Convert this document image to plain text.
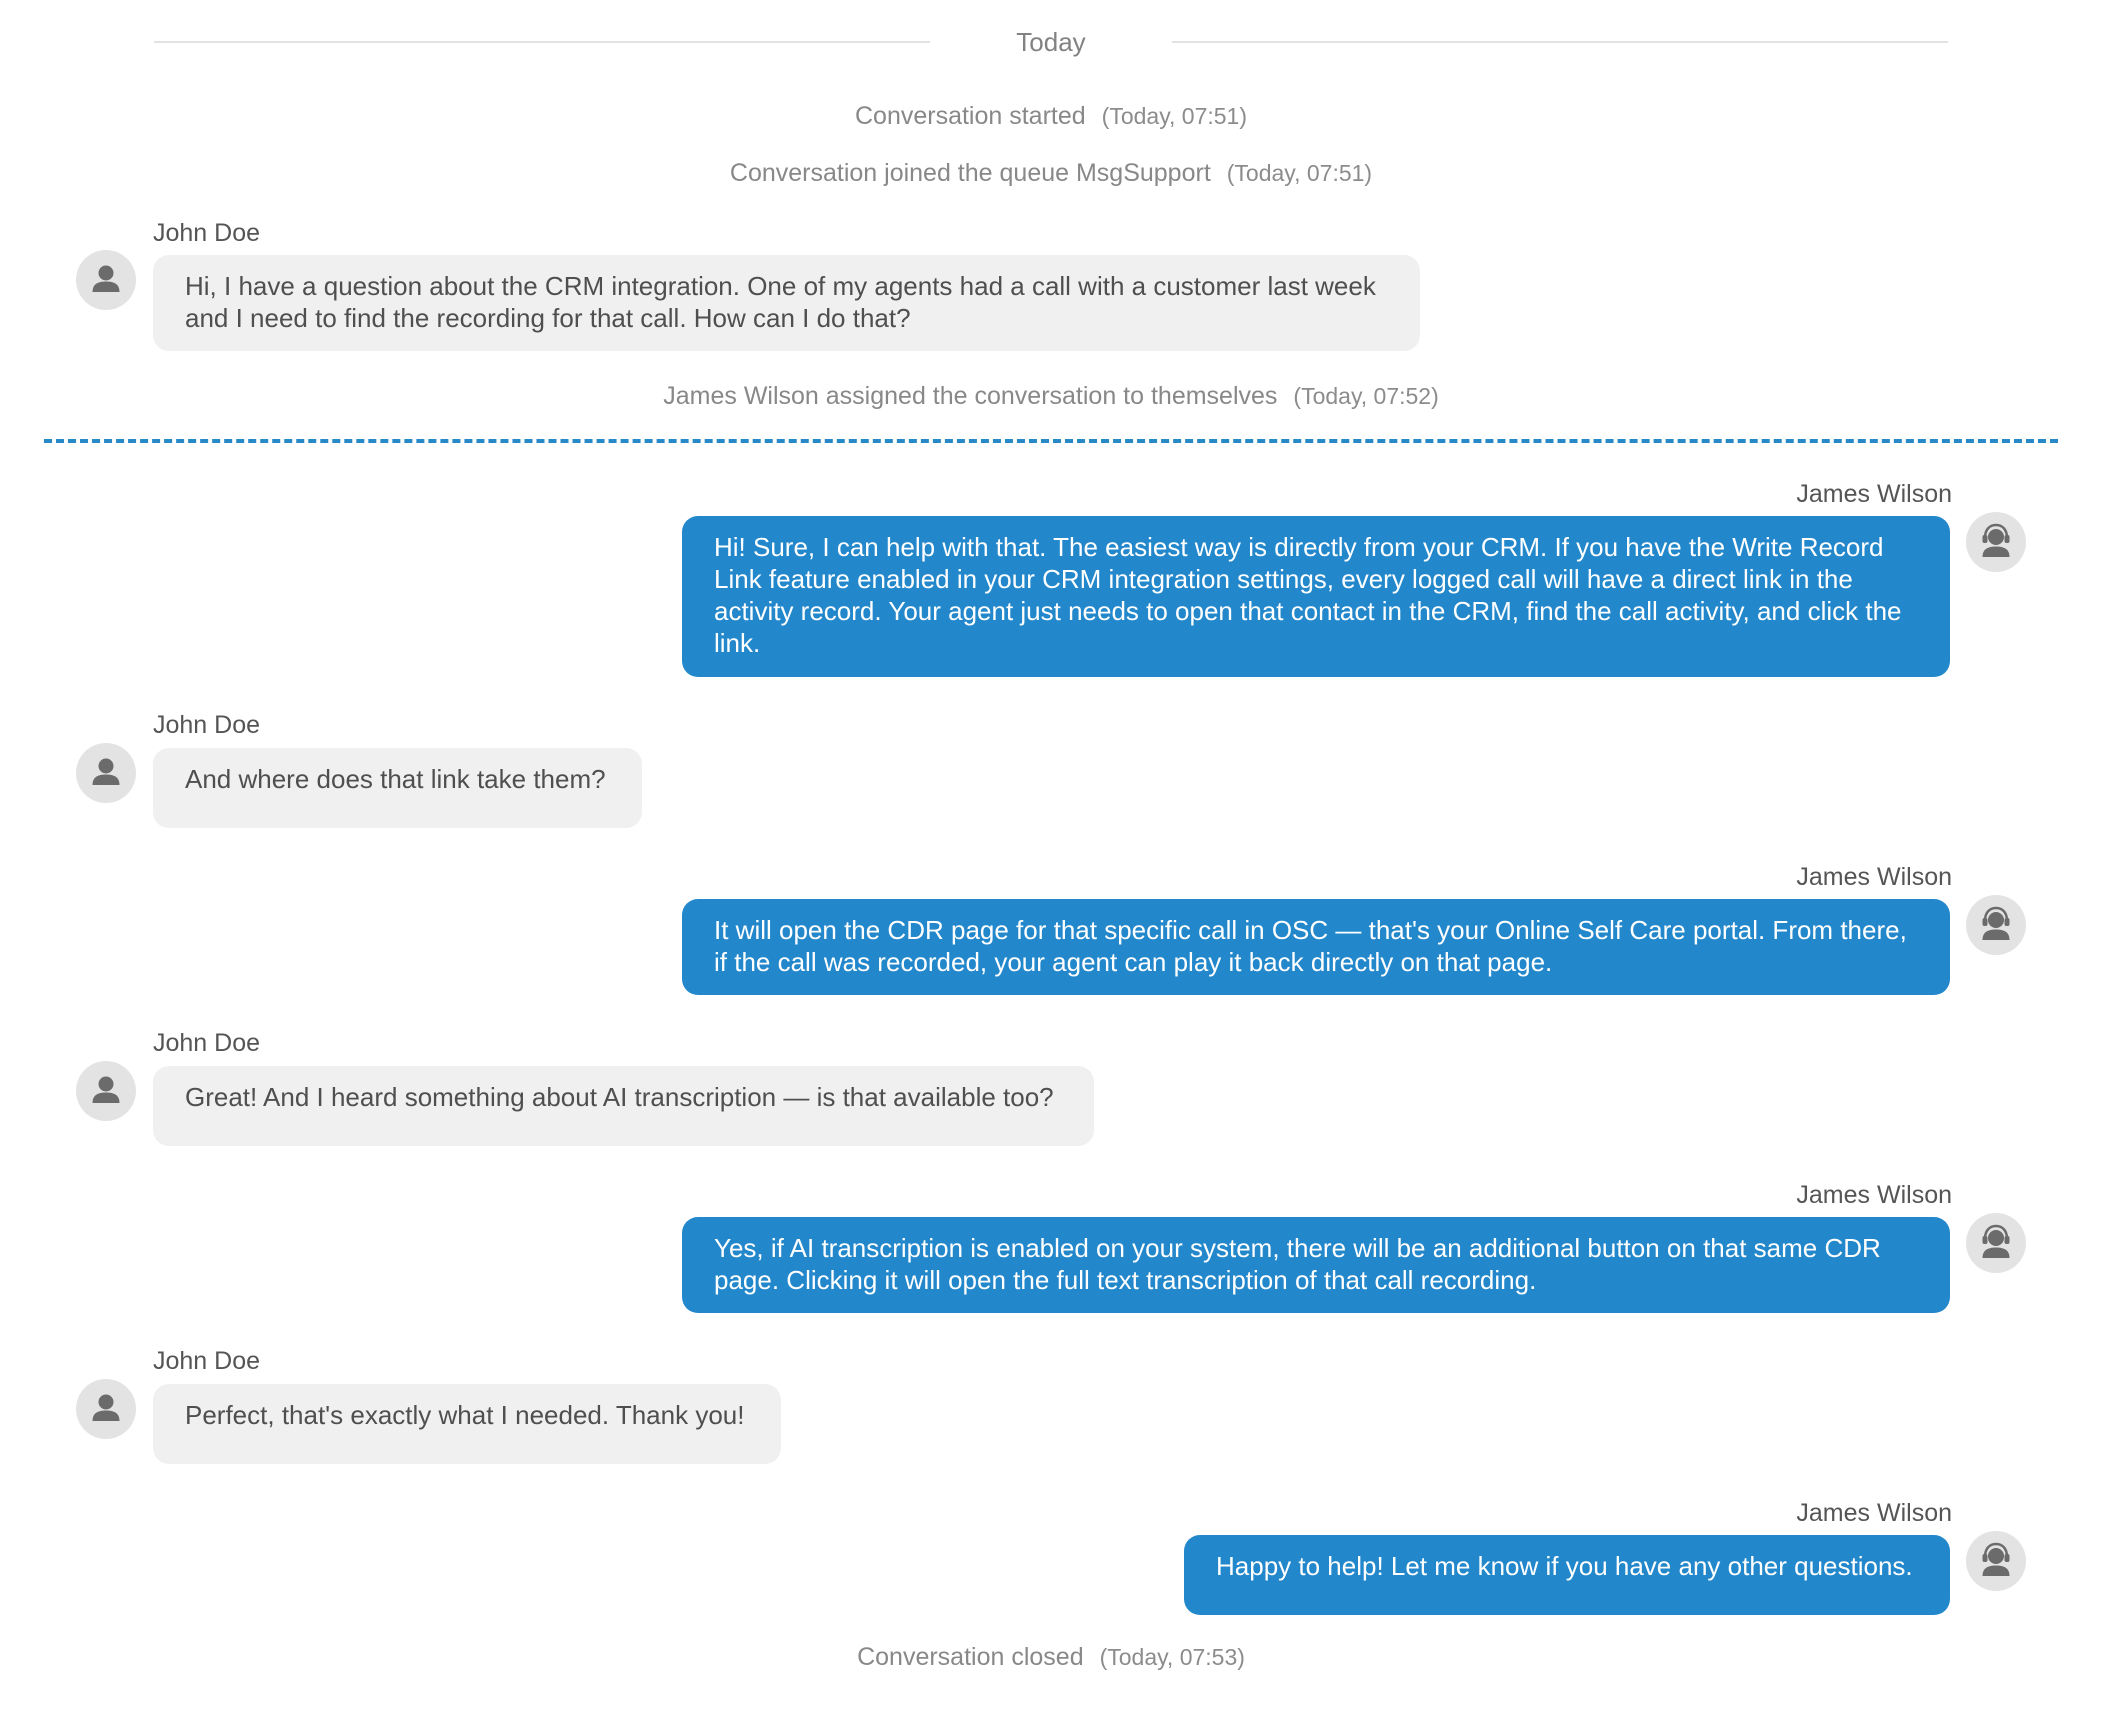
Today
Conversation started (Today, 07:51)
Conversation joined the queue MsgSupport (Today, 07:51)
John Doe
Hi, I have a question about the CRM integration. One of my agents had a call with a customer last week and I need to find the recording for that call. How can I do that?
James Wilson assigned the conversation to themselves (Today, 07:52)
James Wilson
Hi! Sure, I can help with that. The easiest way is directly from your CRM. If you have the Write Record Link feature enabled in your CRM integration settings, every logged call will have a direct link in the activity record. Your agent just needs to open that contact in the CRM, find the call activity, and click the link.
John Doe
And where does that link take them?
James Wilson
It will open the CDR page for that specific call in OSC — that's your Online Self Care portal. From there, if the call was recorded, your agent can play it back directly on that page.
John Doe
Great! And I heard something about AI transcription — is that available too?
James Wilson
Yes, if AI transcription is enabled on your system, there will be an additional button on that same CDR page. Clicking it will open the full text transcription of that call recording.
John Doe
Perfect, that's exactly what I needed. Thank you!
James Wilson
Happy to help! Let me know if you have any other questions.
Conversation closed (Today, 07:53)
